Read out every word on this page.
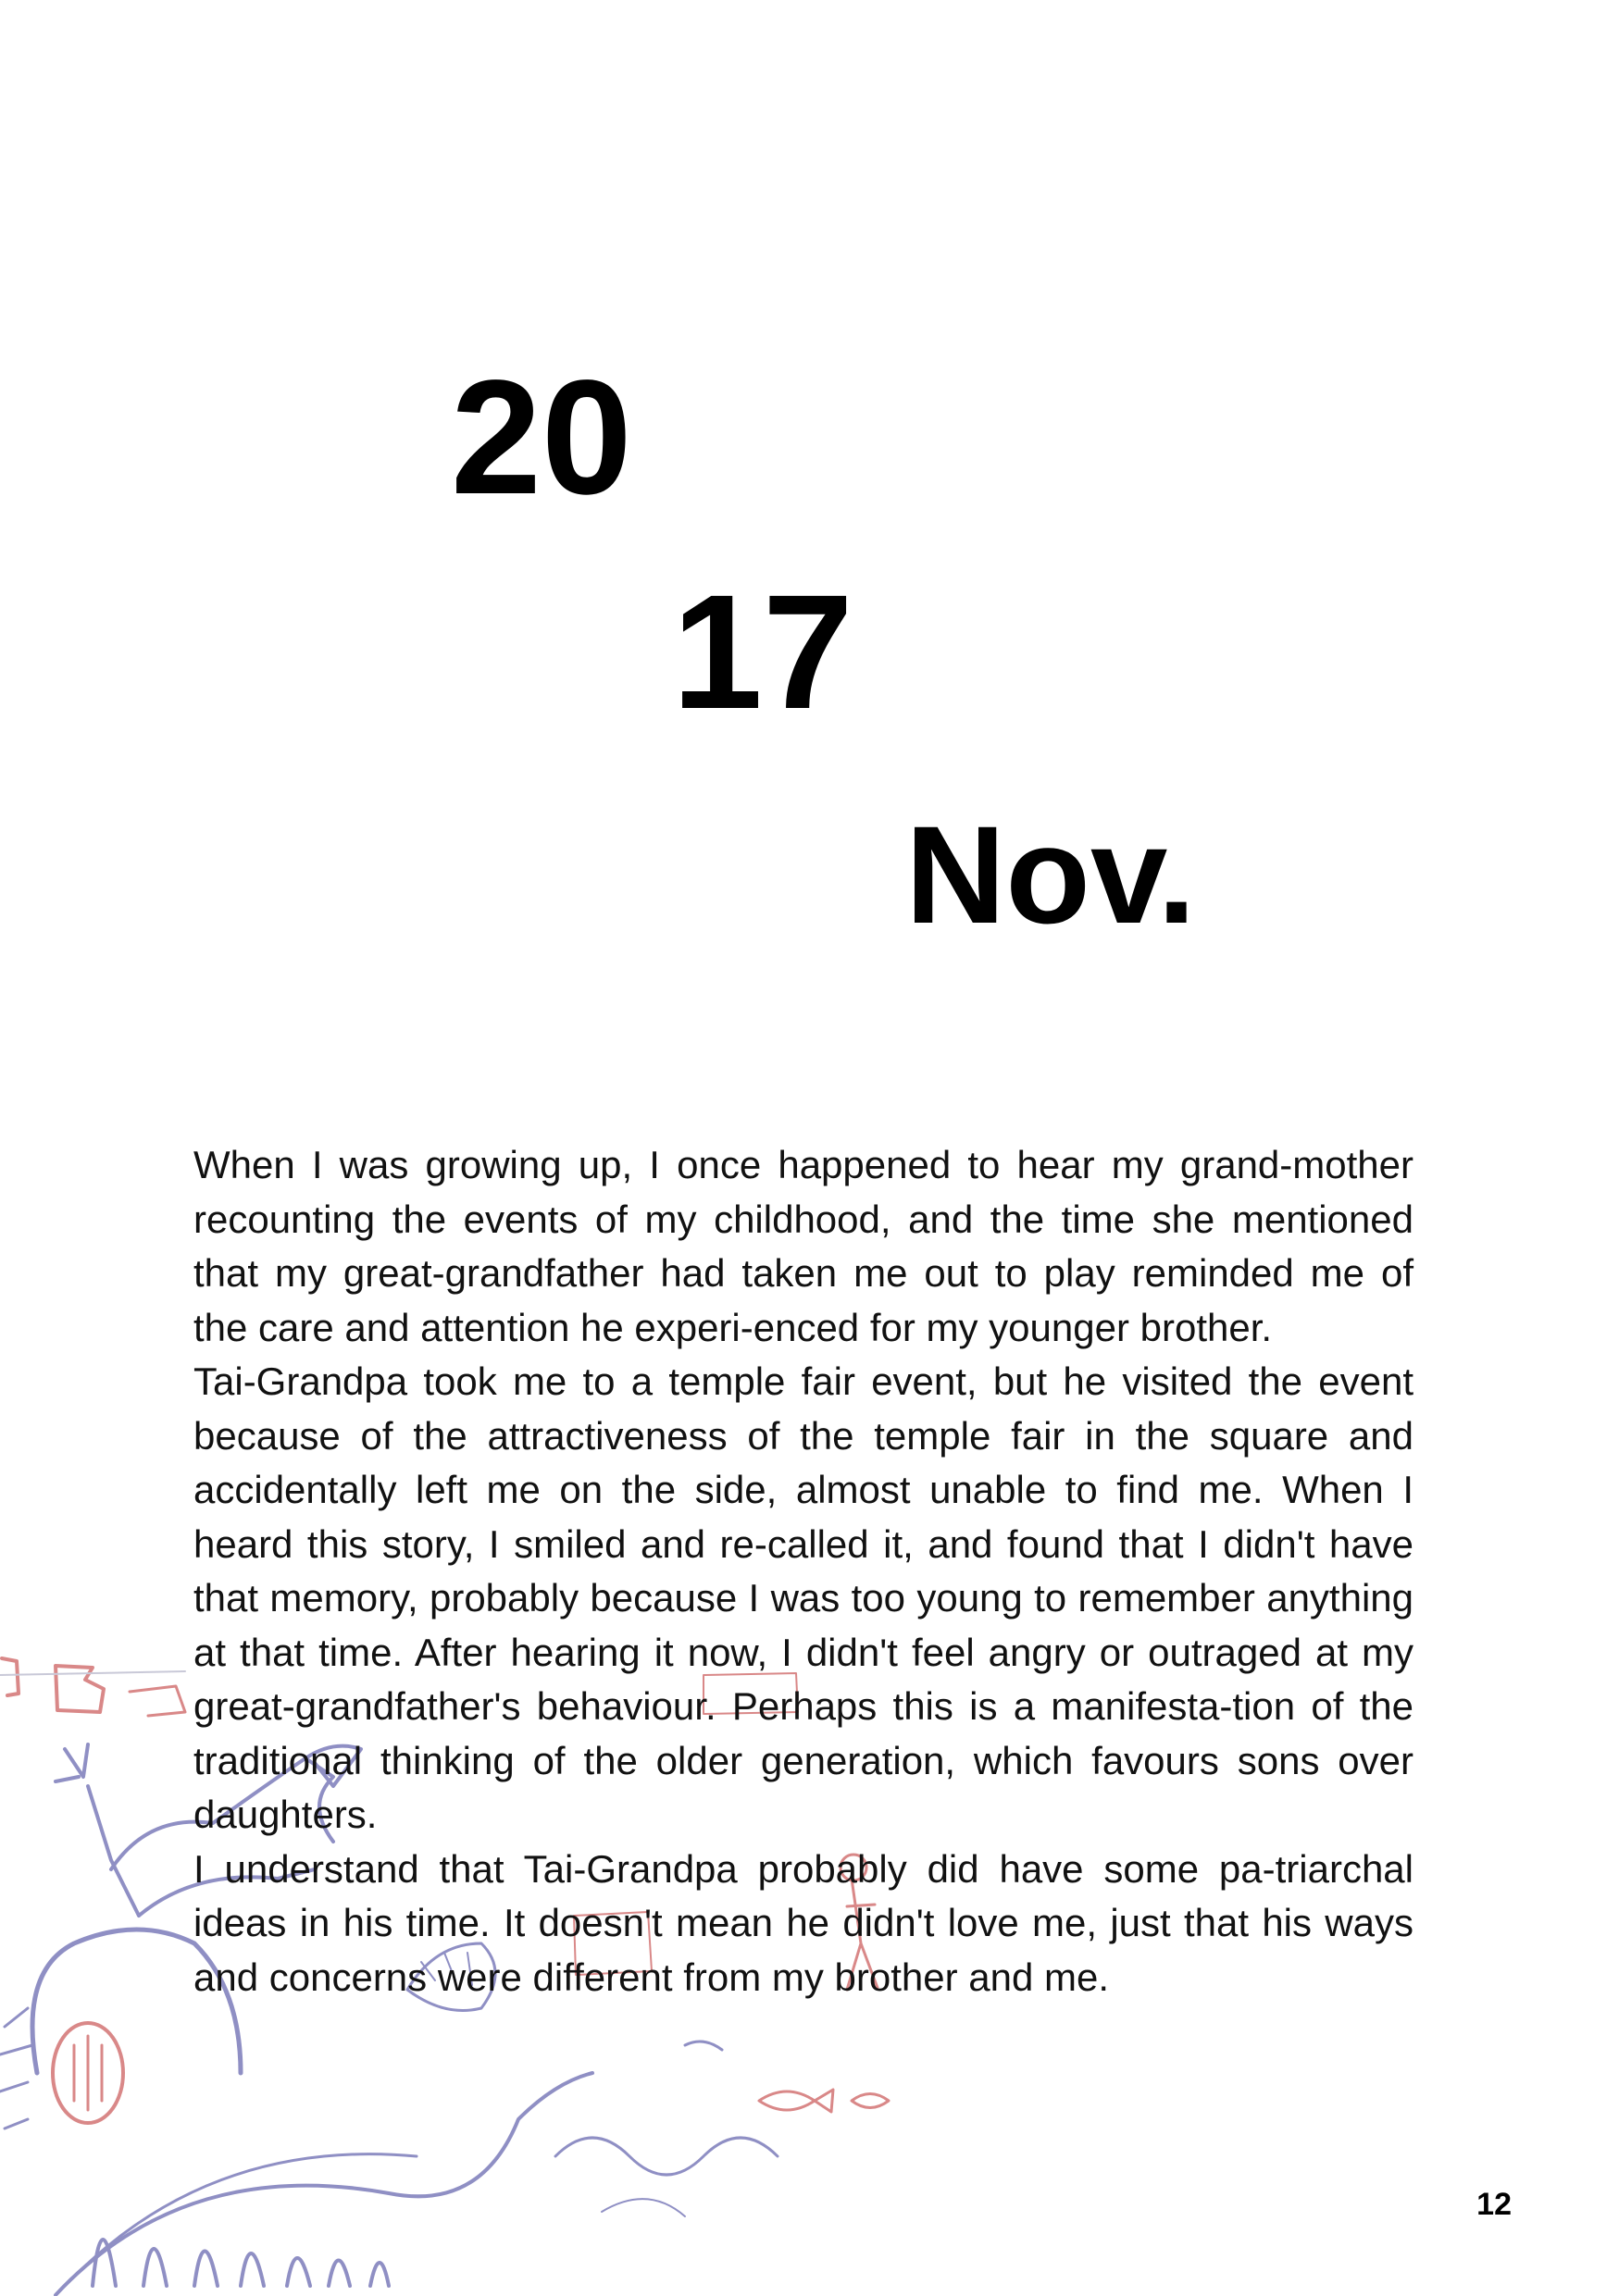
20
17
Nov.

When I was growing up, I once happened to hear my grand-mother recounting the events of my childhood, and the time she mentioned that my great-grandfather had taken me out to play reminded me of the care and attention he experi-enced for my younger brother.

Tai-Grandpa took me to a temple fair event, but he visited the event because of the attractiveness of the temple fair in the square and accidentally left me on the side, almost unable to find me. When I heard this story, I smiled and re-called it, and found that I didn't have that memory, probably because I was too young to remember anything at that time. After hearing it now, I didn't feel angry or outraged at my great-grandfather's behaviour. Perhaps this is a manifesta-tion of the traditional thinking of the older generation, which favours sons over daughters.

I understand that Tai-Grandpa probably did have some pa-triarchal ideas in his time. It doesn't mean he didn't love me, just that his ways and concerns were different from my brother and me.

12
